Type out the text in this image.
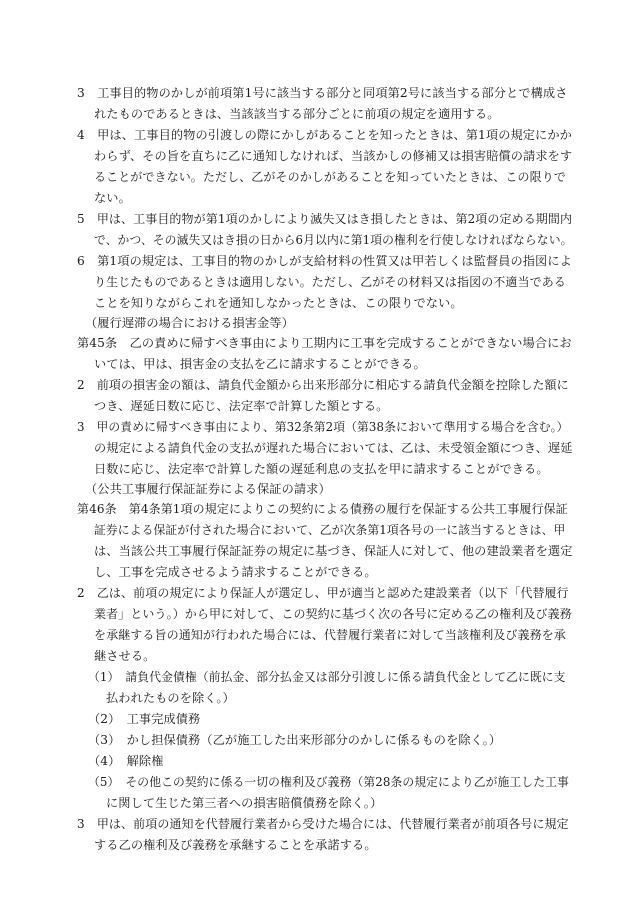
3　工事目的物のかしが前項第1号に該当する部分と同項第2号に該当する部分とで構成さ
れたものであるときは、当該該当する部分ごとに前項の規定を適用する。
4　甲は、工事目的物の引渡しの際にかしがあることを知ったときは、第1項の規定にかか
わらず、その旨を直ちに乙に通知しなければ、当該かしの修補又は損害賠償の請求をす
ることができない。ただし、乙がそのかしがあることを知っていたときは、この限りで
ない。
5　甲は、工事目的物が第1項のかしにより滅失又はき損したときは、第2項の定める期間内
で、かつ、その滅失又はき損の日から6月以内に第1項の権利を行使しなければならない。
6　第1項の規定は、工事目的物のかしが支給材料の性質又は甲若しくは監督員の指図によ
り生じたものであるときは適用しない。ただし、乙がその材料又は指図の不適当である
ことを知りながらこれを通知しなかったときは、この限りでない。
（履行遅滞の場合における損害金等）
第45条　乙の責めに帰すべき事由により工期内に工事を完成することができない場合にお
いては、甲は、損害金の支払を乙に請求することができる。
2　前項の損害金の額は、請負代金額から出来形部分に相応する請負代金額を控除した額に
つき、遅延日数に応じ、法定率で計算した額とする。
3　甲の責めに帰すべき事由により、第32条第2項（第38条において準用する場合を含む。）
の規定による請負代金の支払が遅れた場合においては、乙は、未受領金額につき、遅延
日数に応じ、法定率で計算した額の遅延利息の支払を甲に請求することができる。
（公共工事履行保証証券による保証の請求）
第46条　第4条第1項の規定によりこの契約による債務の履行を保証する公共工事履行保証
証券による保証が付された場合において、乙が次条第1項各号の一に該当するときは、甲
は、当該公共工事履行保証証券の規定に基づき、保証人に対して、他の建設業者を選定
し、工事を完成させるよう請求することができる。
2　乙は、前項の規定により保証人が選定し、甲が適当と認めた建設業者（以下「代替履行
業者」という。）から甲に対して、この契約に基づく次の各号に定める乙の権利及び義務
を承継する旨の通知が行われた場合には、代替履行業者に対して当該権利及び義務を承
継させる。
（1）　請負代金債権（前払金、部分払金又は部分引渡しに係る請負代金として乙に既に支
払われたものを除く。）
（2）　工事完成債務
（3）　かし担保債務（乙が施工した出来形部分のかしに係るものを除く。）
（4）　解除権
（5）　その他この契約に係る一切の権利及び義務（第28条の規定により乙が施工した工事
に関して生じた第三者への損害賠償債務を除く。）
3　甲は、前項の通知を代替履行業者から受けた場合には、代替履行業者が前項各号に規定
する乙の権利及び義務を承継することを承諾する。
